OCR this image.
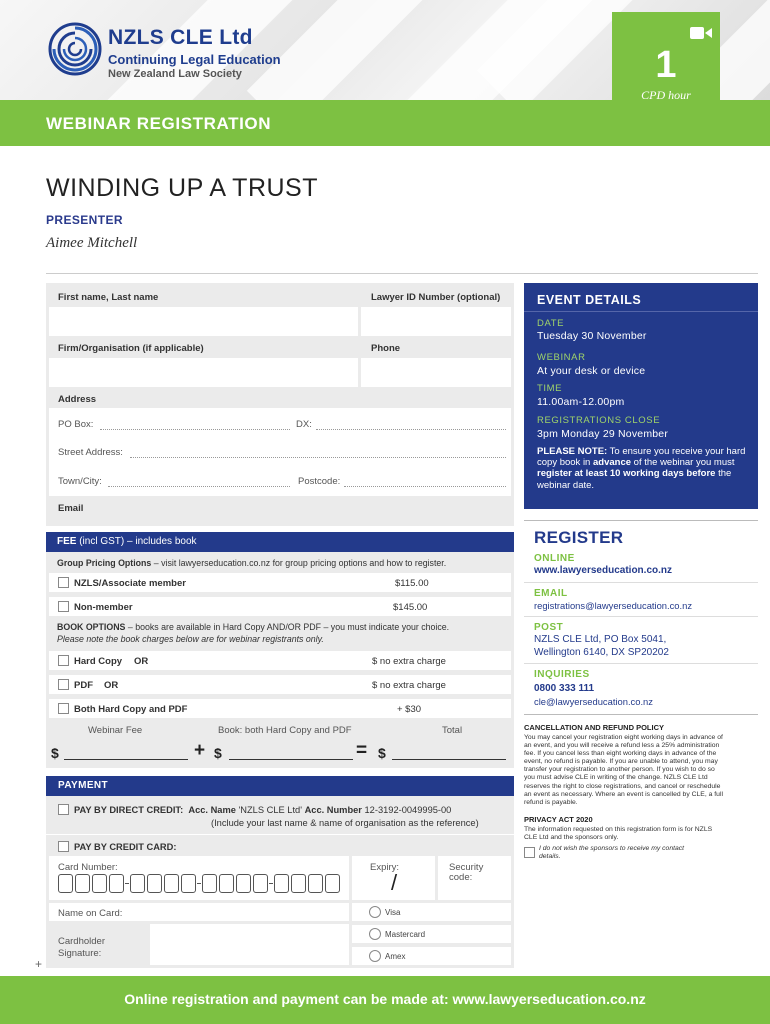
NZLS CLE Ltd
Continuing Legal Education
New Zealand Law Society
WEBINAR REGISTRATION
1
CPD hour
WINDING UP A TRUST
PRESENTER
Aimee Mitchell
First name, Last name	Lawyer ID Number (optional)
Firm/Organisation (if applicable)	Phone
Address
PO Box:	DX:
Street Address:
Town/City:	Postcode:
Email
FEE (incl GST) – includes book
Group Pricing Options – visit lawyerseducation.co.nz for group pricing options and how to register.
NZLS/Associate member	$115.00
Non-member	$145.00
BOOK OPTIONS – books are available in Hard Copy AND/OR PDF – you must indicate your choice.
Please note the book charges below are for webinar registrants only.
Hard Copy OR	$ no extra charge
PDF OR	$ no extra charge
Both Hard Copy and PDF	+ $30
Webinar Fee	Book: both Hard Copy and PDF	Total
$	+ $	= $
PAYMENT
PAY BY DIRECT CREDIT: Acc. Name 'NZLS CLE Ltd' Acc. Number 12-3192-0049995-00
(Include your last name & name of organisation as the reference)
PAY BY CREDIT CARD:
Card Number:	Expiry:
/
Security
code:
Name on Card:
Cardholder
Signature:
Visa
Mastercard
Amex
+
EVENT DETAILS
DATE
Tuesday 30 November
WEBINAR
At your desk or device
TIME
11.00am-12.00pm
REGISTRATIONS CLOSE
3pm Monday 29 November
PLEASE NOTE: To ensure you receive your hard copy book in advance of the webinar you must register at least 10 working days before the webinar date.
REGISTER
ONLINE
www.lawyerseducation.co.nz
EMAIL
registrations@lawyerseducation.co.nz
POST
NZLS CLE Ltd, PO Box 5041,
Wellington 6140, DX SP20202
INQUIRIES
0800 333 111
cle@lawyerseducation.co.nz
CANCELLATION AND REFUND POLICY
You may cancel your registration eight working days in advance of an event, and you will receive a refund less a 25% administration fee. If you cancel less than eight working days in advance of the event, no refund is payable. If you are unable to attend, you may transfer your registration to another person. If you wish to do so you must advise CLE in writing of the change. NZLS CLE Ltd reserves the right to close registrations, and cancel or reschedule an event as necessary. Where an event is cancelled by CLE, a full refund is payable.
PRIVACY ACT 2020
The information requested on this registration form is for NZLS CLE Ltd and the sponsors only.
I do not wish the sponsors to receive my contact details.
Online registration and payment can be made at: www.lawyerseducation.co.nz
